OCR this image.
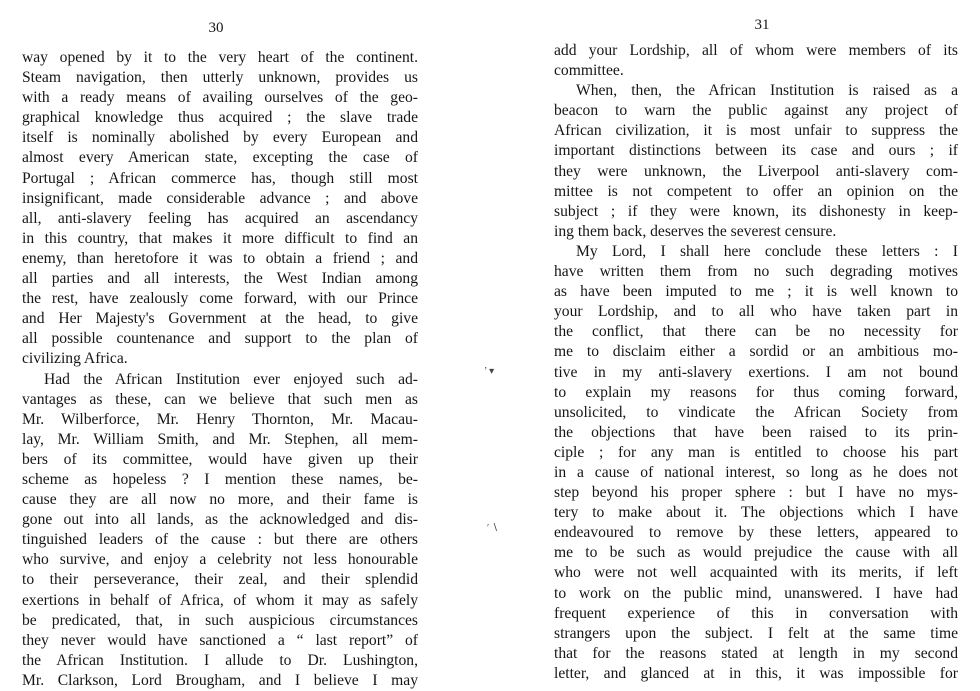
30
way opened by it to the very heart of the continent.
Steam navigation, then utterly unknown, provides us
with a ready means of availing ourselves of the geo-
graphical knowledge thus acquired ; the slave trade
itself is nominally abolished by every European and
almost every American state, excepting the case of
Portugal ; African commerce has, though still most
insignificant, made considerable advance ; and above
all, anti-slavery feeling has acquired an ascendancy
in this country, that makes it more difficult to find an
enemy, than heretofore it was to obtain a friend ; and
all parties and all interests, the West Indian among
the rest, have zealously come forward, with our Prince
and Her Majesty's Government at the head, to give
all possible countenance and support to the plan of
civilizing Africa.
Had the African Institution ever enjoyed such ad-
vantages as these, can we believe that such men as
Mr. Wilberforce, Mr. Henry Thornton, Mr. Macau-
lay, Mr. William Smith, and Mr. Stephen, all mem-
bers of its committee, would have given up their
scheme as hopeless ? I mention these names, be-
cause they are all now no more, and their fame is
gone out into all lands, as the acknowledged and dis-
tinguished leaders of the cause : but there are others
who survive, and enjoy a celebrity not less honourable
to their perseverance, their zeal, and their splendid
exertions in behalf of Africa, of whom it may as safely
be predicated, that, in such auspicious circumstances
they never would have sanctioned a “ last report” of
the African Institution. I allude to Dr. Lushington,
Mr. Clarkson, Lord Brougham, and I believe I may
’ ▾
′ ∖
31
add your Lordship, all of whom were members of its
committee.
When, then, the African Institution is raised as a
beacon to warn the public against any project of
African civilization, it is most unfair to suppress the
important distinctions between its case and ours ; if
they were unknown, the Liverpool anti-slavery com-
mittee is not competent to offer an opinion on the
subject ; if they were known, its dishonesty in keep-
ing them back, deserves the severest censure.
My Lord, I shall here conclude these letters : I
have written them from no such degrading motives
as have been imputed to me ; it is well known to
your Lordship, and to all who have taken part in
the conflict, that there can be no necessity for
me to disclaim either a sordid or an ambitious mo-
tive in my anti-slavery exertions. I am not bound
to explain my reasons for thus coming forward,
unsolicited, to vindicate the African Society from
the objections that have been raised to its prin-
ciple ; for any man is entitled to choose his part
in a cause of national interest, so long as he does not
step beyond his proper sphere : but I have no mys-
tery to make about it. The objections which I have
endeavoured to remove by these letters, appeared to
me to be such as would prejudice the cause with all
who were not well acquainted with its merits, if left
to work on the public mind, unanswered. I have had
frequent experience of this in conversation with
strangers upon the subject. I felt at the same time
that for the reasons stated at length in my second
letter, and glanced at in this, it was impossible for
